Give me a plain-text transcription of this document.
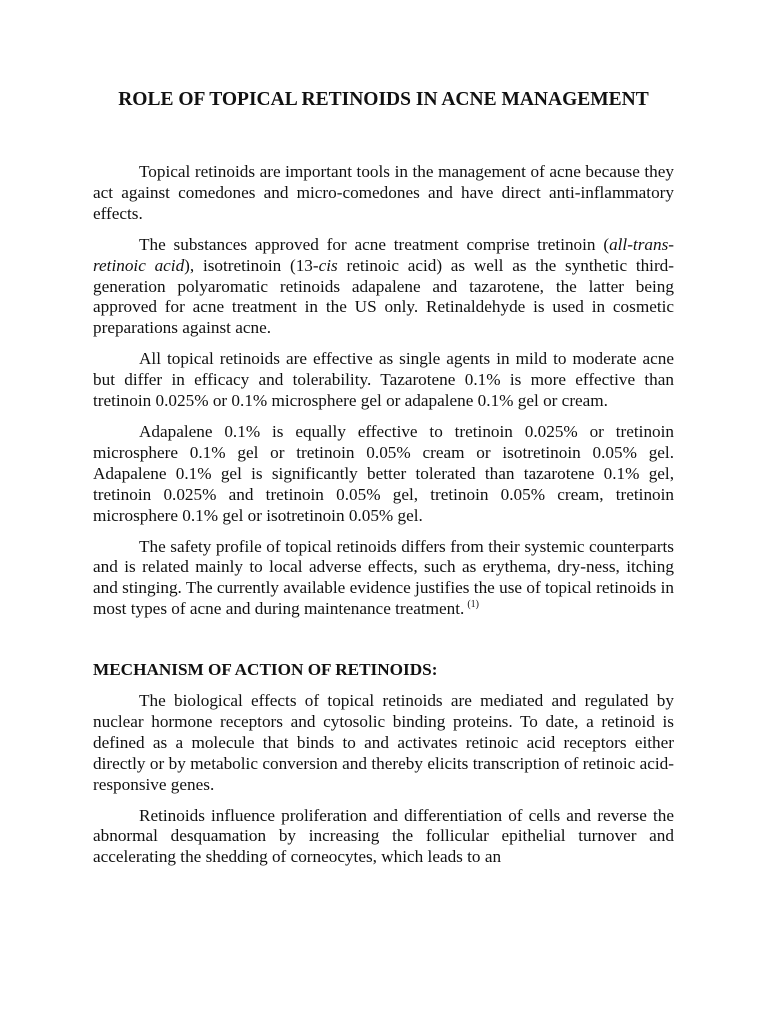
ROLE OF TOPICAL RETINOIDS IN ACNE MANAGEMENT

Topical retinoids are important tools in the management of acne because they act against comedones and micro-comedones and have direct anti-inflammatory effects.

The substances approved for acne treatment comprise tretinoin (all-trans-retinoic acid), isotretinoin (13-cis retinoic acid) as well as the synthetic third-generation polyaromatic retinoids adapalene and tazarotene, the latter being approved for acne treatment in the US only. Retinaldehyde is used in cosmetic preparations against acne.

All topical retinoids are effective as single agents in mild to moderate acne but differ in efficacy and tolerability. Tazarotene 0.1% is more effective than tretinoin 0.025% or 0.1% microsphere gel or adapalene 0.1% gel or cream.

Adapalene 0.1% is equally effective to tretinoin 0.025% or tretinoin microsphere 0.1% gel or tretinoin 0.05% cream or isotretinoin 0.05% gel. Adapalene 0.1% gel is significantly better tolerated than tazarotene 0.1% gel, tretinoin 0.025% and tretinoin 0.05% gel, tretinoin 0.05% cream, tretinoin microsphere 0.1% gel or isotretinoin 0.05% gel.

The safety profile of topical retinoids differs from their systemic counterparts and is related mainly to local adverse effects, such as erythema, dry-ness, itching and stinging. The currently available evidence justifies the use of topical retinoids in most types of acne and during maintenance treatment. $^{(1)}$

MECHANISM OF ACTION OF RETINOIDS:

The biological effects of topical retinoids are mediated and regulated by nuclear hormone receptors and cytosolic binding proteins. To date, a retinoid is defined as a molecule that binds to and activates retinoic acid receptors either directly or by metabolic conversion and thereby elicits transcription of retinoic acid-responsive genes.

Retinoids influence proliferation and differentiation of cells and reverse the abnormal desquamation by increasing the follicular epithelial turnover and accelerating the shedding of corneocytes, which leads to an
